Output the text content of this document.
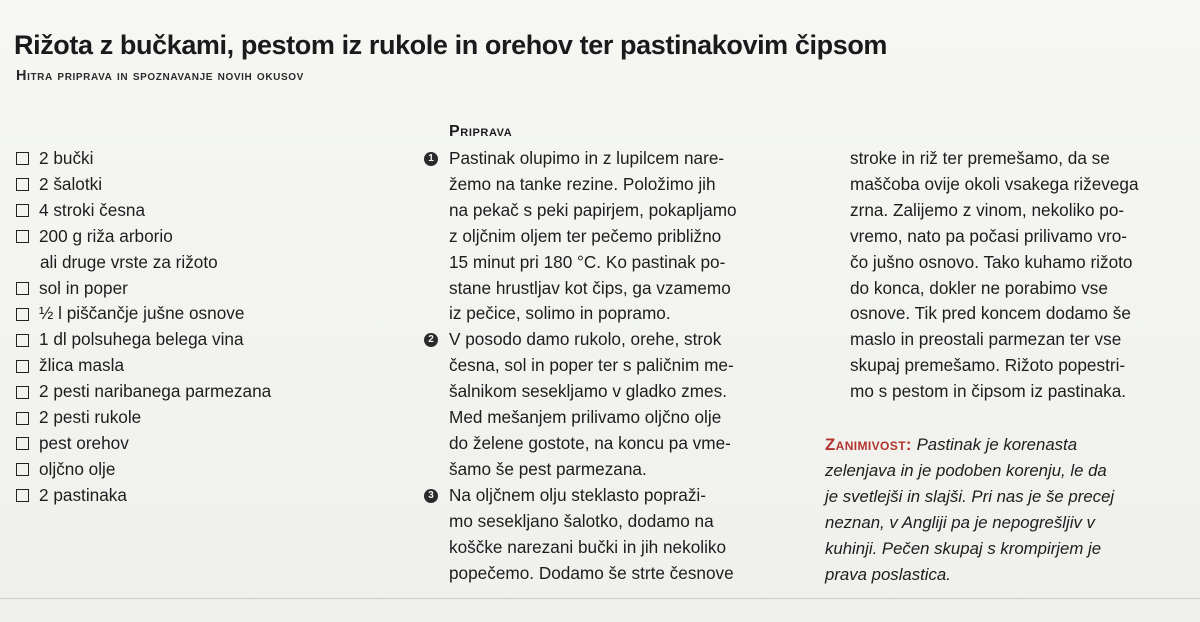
Rižota z bučkami, pestom iz rukole in orehov ter pastinakovim čipsom
Hitra priprava in spoznavanje novih okusov
2 bučki
2 šalotki
4 stroki česna
200 g riža arborio
ali druge vrste za rižoto
sol in poper
½ l piščančje jušne osnove
1 dl polsuhega belega vina
žlica masla
2 pesti naribanega parmezana
2 pesti rukole
pest orehov
oljčno olje
2 pastinaka
Priprava
1 Pastinak olupimo in z lupilcem nare-
žemo na tanke rezine. Položimo jih
na pekač s peki papirjem, pokapljamo
z oljčnim oljem ter pečemo približno
15 minut pri 180 °C. Ko pastinak po-
stane hrustljav kot čips, ga vzamemo
iz pečice, solimo in popramo.
2 V posodo damo rukolo, orehe, strok
česna, sol in poper ter s paličnim me-
šalnikom sesekljamo v gladko zmes.
Med mešanjem prilivamo oljčno olje
do želene gostote, na koncu pa vme-
šamo še pest parmezana.
3 Na oljčnem olju steklasto popraži-
mo sesekljano šalotko, dodamo na
koščke narezani bučki in jih nekoliko
popečemo. Dodamo še strte česnove
stroke in riž ter premešamo, da se
maščoba ovije okoli vsakega riževega
zrna. Zalijemo z vinom, nekoliko po-
vremo, nato pa počasi prilivamo vro-
čo jušno osnovo. Tako kuhamo rižoto
do konca, dokler ne porabimo vse
osnove. Tik pred koncem dodamo še
maslo in preostali parmezan ter vse
skupaj premešamo. Rižoto popestri-
mo s pestom in čipsom iz pastinaka.
Zanimivost: Pastinak je korenasta
zelenjava in je podoben korenju, le da
je svetlejši in slajši. Pri nas je še precej
neznan, v Angliji pa je nepogrešljiv v
kuhinji. Pečen skupaj s krompirjem je
prava poslastica.
